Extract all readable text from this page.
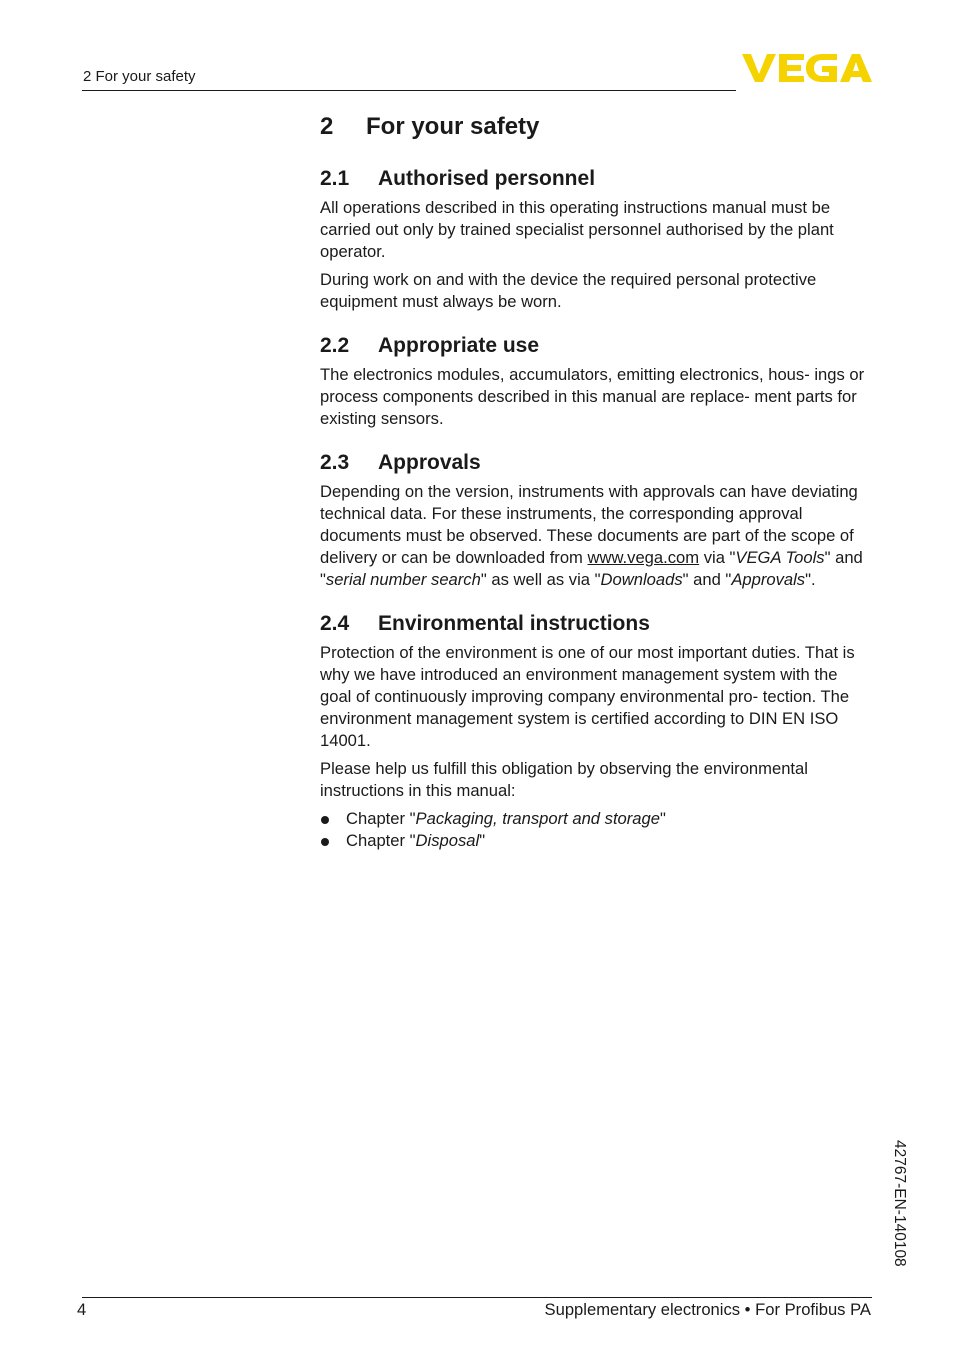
2 For your safety
2	For your safety
2.1	Authorised personnel

All operations described in this operating instructions manual must be carried out only by trained specialist personnel authorised by the plant operator.

During work on and with the device the required personal protective equipment must always be worn.

2.2	Appropriate use

The electronics modules, accumulators, emitting electronics, hous- ings or process components described in this manual are replace- ment parts for existing sensors.

2.3	Approvals

Depending on the version, instruments with approvals can have deviating technical data. For these instruments, the corresponding approval documents must be observed. These documents are part of the scope of delivery or can be downloaded from www.vega.com via "VEGA Tools" and "serial number search" as well as via "Downloads" and "Approvals".

2.4	Environmental instructions

Protection of the environment is one of our most important duties. That is why we have introduced an environment management system with the goal of continuously improving company environmental pro- tection. The environment management system is certified according to DIN EN ISO 14001.

Please help us fulfill this obligation by observing the environmental instructions in this manual:

Chapter "Packaging, transport and storage"
Chapter "Disposal"
42767-EN-140108
4	Supplementary electronics • For Profibus PA
